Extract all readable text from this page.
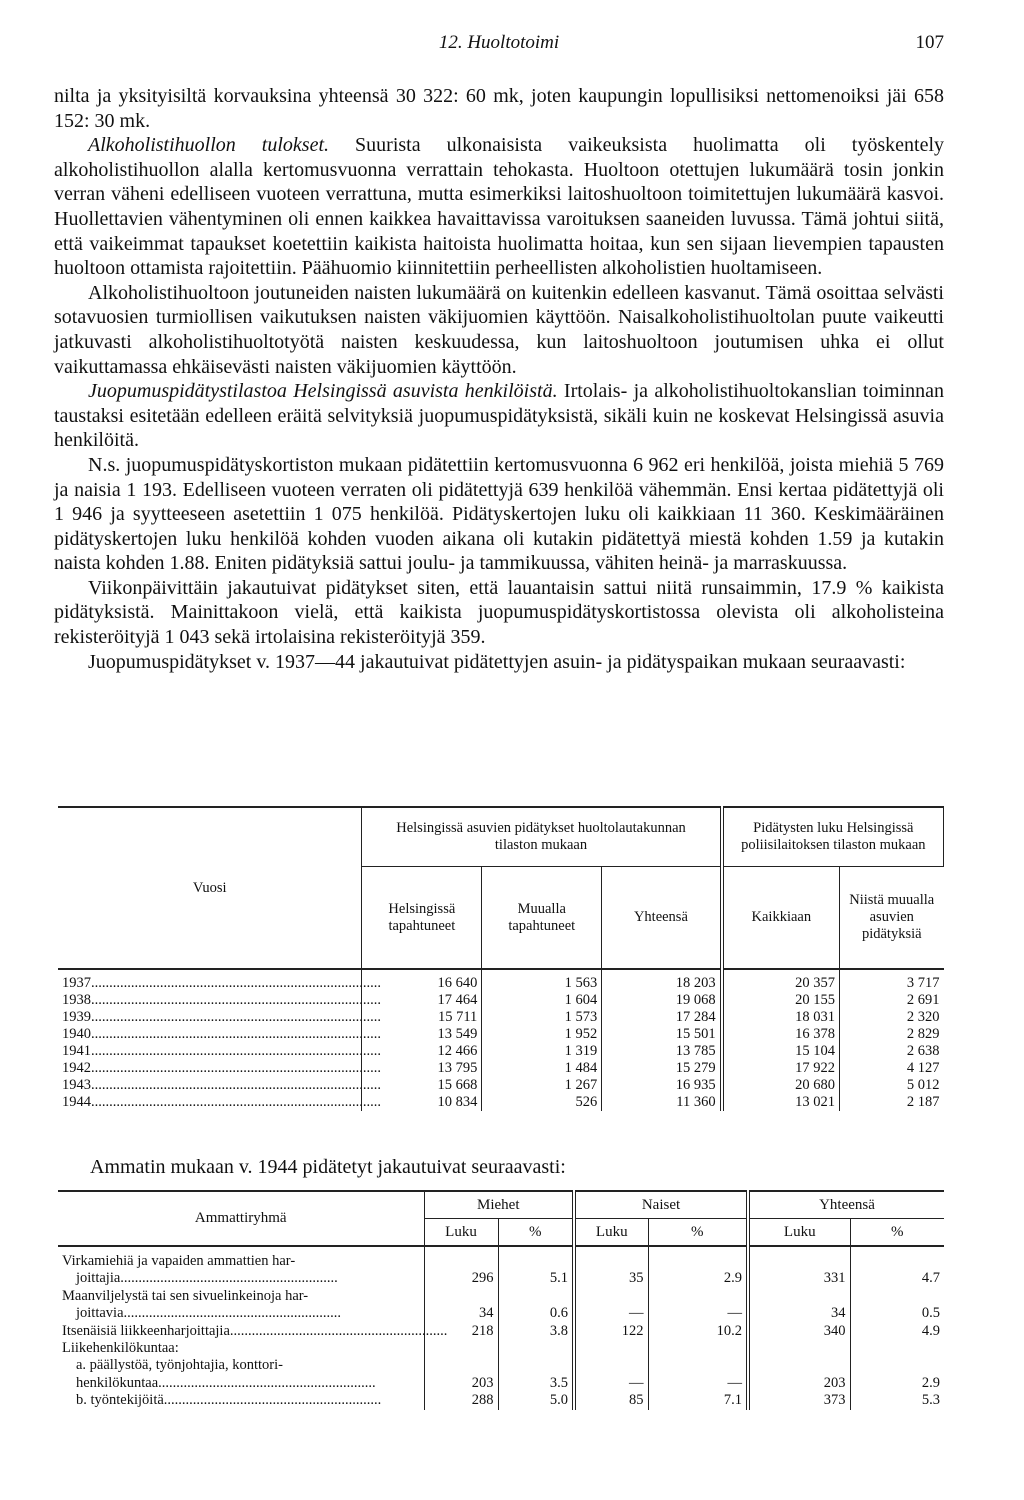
12. Huoltotoimi	107

nilta ja yksityisiltä korvauksina yhteensä 30 322: 60 mk, joten kaupungin lopullisiksi nettomenoiksi jäi 658 152: 30 mk.

Alkoholistihuollon tulokset. Suurista ulkonaisista vaikeuksista huolimatta oli työskentely alkoholistihuollon alalla kertomusvuonna verrattain tehokasta. Huoltoon otettujen lukumäärä tosin jonkin verran väheni edelliseen vuoteen verrattuna, mutta esimerkiksi laitoshuoltoon toimitettujen lukumäärä kasvoi. Huollettavien vähentyminen oli ennen kaikkea havaittavissa varoituksen saaneiden luvussa. Tämä johtui siitä, että vaikeimmat tapaukset koetettiin kaikista haitoista huolimatta hoitaa, kun sen sijaan lievempien tapausten huoltoon ottamista rajoitettiin. Päähuomio kiinnitettiin perheellisten alkoholistien huoltamiseen.

Alkoholistihuoltoon joutuneiden naisten lukumäärä on kuitenkin edelleen kasvanut. Tämä osoittaa selvästi sotavuosien turmiollisen vaikutuksen naisten väkijuomien käyttöön. Naisalkoholistihuoltolan puute vaikeutti jatkuvasti alkoholistihuoltotyötä naisten keskuudessa, kun laitoshuoltoon joutumisen uhka ei ollut vaikuttamassa ehkäisevästi naisten väkijuomien käyttöön.

Juopumuspidätystilastoa Helsingissä asuvista henkilöistä. Irtolais- ja alkoholistihuoltokanslian toiminnan taustaksi esitetään edelleen eräitä selvityksiä juopumuspidätyksistä, sikäli kuin ne koskevat Helsingissä asuvia henkilöitä.

N.s. juopumuspidätyskortiston mukaan pidätettiin kertomusvuonna 6 962 eri henkilöä, joista miehiä 5 769 ja naisia 1 193. Edelliseen vuoteen verraten oli pidätettyjä 639 henkilöä vähemmän. Ensi kertaa pidätettyjä oli 1 946 ja syytteeseen asetettiin 1 075 henkilöä. Pidätyskertojen luku oli kaikkiaan 11 360. Keskimääräinen pidätyskertojen luku henkilöä kohden vuoden aikana oli kutakin pidätettyä miestä kohden 1.59 ja kutakin naista kohden 1.88. Eniten pidätyksiä sattui joulu- ja tammikuussa, vähiten heinä- ja marraskuussa.

Viikonpäivittäin jakautuivat pidätykset siten, että lauantaisin sattui niitä runsaimmin, 17.9 % kaikista pidätyksistä. Mainittakoon vielä, että kaikista juopumuspidätyskortistossa olevista oli alkoholisteina rekisteröityjä 1 043 sekä irtolaisina rekisteröityjä 359.

Juopumuspidätykset v. 1937—44 jakautuivat pidätettyjen asuin- ja pidätyspaikan mukaan seuraavasti:

Vuosi	Helsingissä asuvien pidätykset huoltolautakunnan tilaston mukaan			Pidätysten luku Helsingissä poliisilaitoksen tilaston mukaan	
	Helsingissä tapahtuneet	Muualla tapahtuneet	Yhteensä	Kaikkiaan	Niistä muualla asuvien pidätyksiä
1937................................................................................	16 640	1 563	18 203	20 357	3 717
1938................................................................................	17 464	1 604	19 068	20 155	2 691
1939................................................................................	15 711	1 573	17 284	18 031	2 320
1940................................................................................	13 549	1 952	15 501	16 378	2 829
1941................................................................................	12 466	1 319	13 785	15 104	2 638
1942................................................................................	13 795	1 484	15 279	17 922	4 127
1943................................................................................	15 668	1 267	16 935	20 680	5 012
1944................................................................................	10 834	526	11 360	13 021	2 187
Ammatin mukaan v. 1944 pidätetyt jakautuivat seuraavasti:
Ammattiryhmä	Miehet		Naiset		Yhteensä	
	Luku	%	Luku	%	Luku	%

Virkamiehiä ja vapaiden ammattien har-
joittajia............................................................	296	5.1	35	2.9	331	4.7

Maanviljelystä tai sen sivuelinkeinoja har-
joittavia............................................................	34	0.6	—	—	34	0.5

Itsenäisiä liikkeenharjoittajia............................................................	218	3.8	122	10.2	340	4.9

Liikehenkilökuntaa:						

a. päällystöä, työnjohtajia, konttori-
henkilökuntaa............................................................	203	3.5	—	—	203	2.9

b. työntekijöitä............................................................	288	5.0	85	7.1	373	5.3
